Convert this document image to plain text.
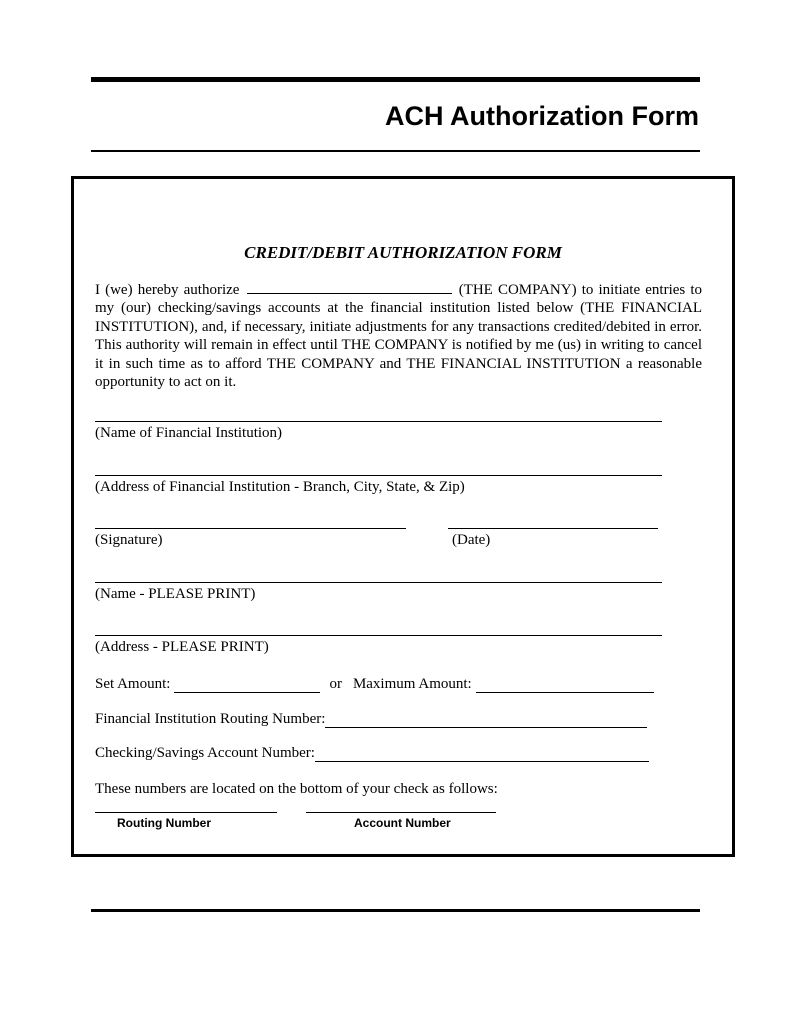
ACH Authorization Form
CREDIT/DEBIT AUTHORIZATION FORM

I (we) hereby authorize	(THE COMPANY) to initiate entries to my (our) checking/savings accounts at the financial institution listed below (THE FINANCIAL INSTITUTION), and, if necessary, initiate adjustments for any transactions credited/debited in error. This authority will remain in effect until THE COMPANY is notified by me (us) in writing to cancel it in such time as to afford THE COMPANY and THE FINANCIAL INSTITUTION a reasonable opportunity to act on it.

(Name of Financial Institution)
(Address of Financial Institution - Branch, City, State, & Zip)
(Signature)	(Date)
(Name - PLEASE PRINT)
(Address - PLEASE PRINT)
Set Amount:	or Maximum Amount:
Financial Institution Routing Number:
Checking/Savings Account Number:
These numbers are located on the bottom of your check as follows:
Routing Number	Account Number
